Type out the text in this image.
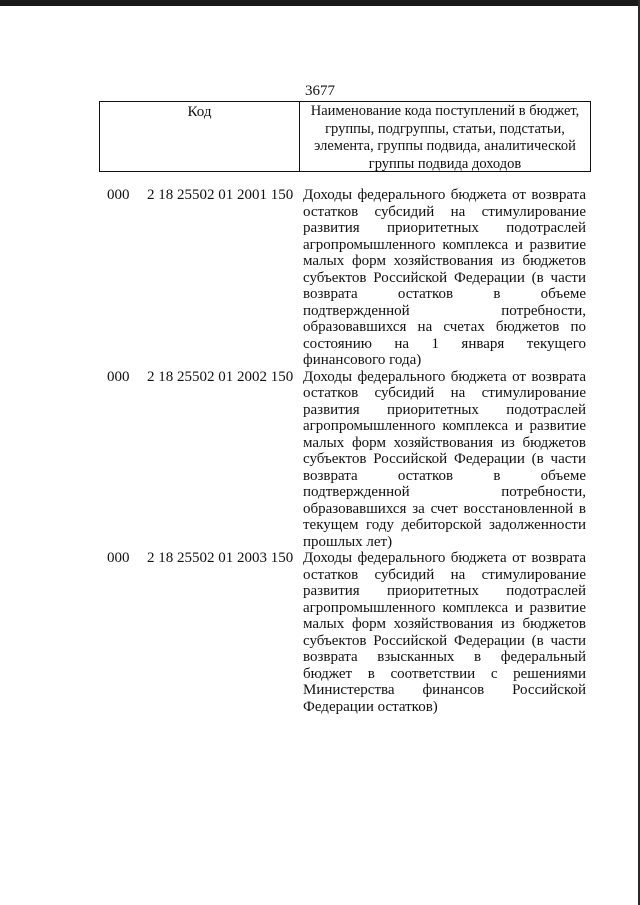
3677
Код	Наименование кода поступлений в бюджет, группы, подгруппы, статьи, подстатьи, элемента, группы подвида, аналитической группы подвида доходов
000	2 18 25502 01 2001 150 Доходы федерального бюджета от возврата остатков субсидий на стимулирование развития приоритетных подотраслей агропромышленного комплекса и развитие малых форм хозяйствования из бюджетов субъектов Российской Федерации (в части возврата остатков в объеме подтвержденной потребности, образовавшихся на счетах бюджетов по состоянию на 1 января текущего финансового года)
000	2 18 25502 01 2002 150 Доходы федерального бюджета от возврата остатков субсидий на стимулирование развития приоритетных подотраслей агропромышленного комплекса и развитие малых форм хозяйствования из бюджетов субъектов Российской Федерации (в части возврата остатков в объеме подтвержденной потребности, образовавшихся за счет восстановленной в текущем году дебиторской задолженности прошлых лет)
000	2 18 25502 01 2003 150 Доходы федерального бюджета от возврата остатков субсидий на стимулирование развития приоритетных подотраслей агропромышленного комплекса и развитие малых форм хозяйствования из бюджетов субъектов Российской Федерации (в части возврата взысканных в федеральный бюджет в соответствии с решениями Министерства финансов Российской Федерации остатков)
